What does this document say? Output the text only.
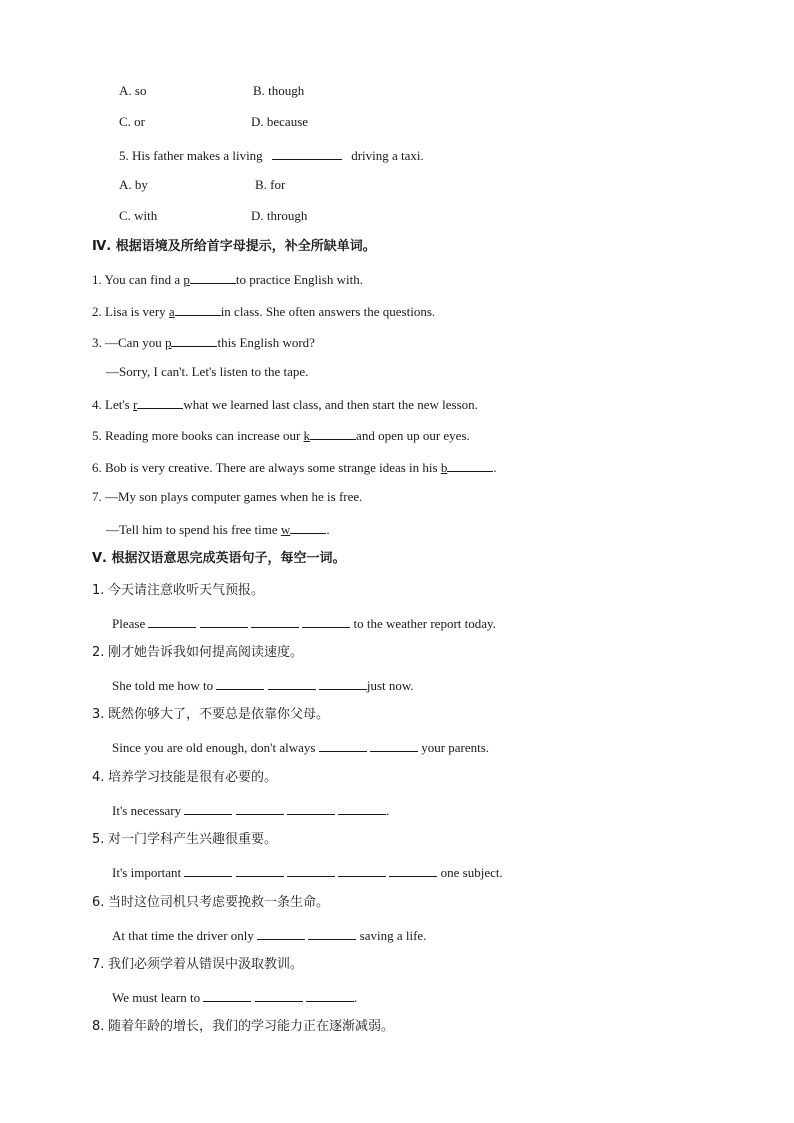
A. so	B. though
C. or	D. because
5. His father makes a living	driving a taxi.
A. by	B. for
C. with	D. through
Ⅳ. 根据语境及所给首字母提示，补全所缺单词。
1. You can find a p	to practice English with.
2. Lisa is very a	in class. She often answers the questions.
3. —Can you p	this English word?
—Sorry, I can't. Let's listen to the tape.
4. Let's r	what we learned last class, and then start the new lesson.
5. Reading more books can increase our k	and open up our eyes.
6. Bob is very creative. There are always some strange ideas in his b	.
7. —My son plays computer games when he is free.
—Tell him to spend his free time w	.
Ⅴ. 根据汉语意思完成英语句子，每空一词。
1. 今天请注意收听天气预报。
Please	to the weather report today.
2. 刚才她告诉我如何提高阅读速度。
She told me how to	just now.
3. 既然你够大了，不要总是依靠你父母。
Since you are old enough, don't always	your parents.
4. 培养学习技能是很有必要的。
It's necessary	.
5. 对一门学科产生兴趣很重要。
It's important	one subject.
6. 当时这位司机只考虑要挽救一条生命。
At that time the driver only	saving a life.
7. 我们必须学着从错误中汲取教训。
We must learn to	.
8. 随着年龄的增长，我们的学习能力正在逐渐减弱。
